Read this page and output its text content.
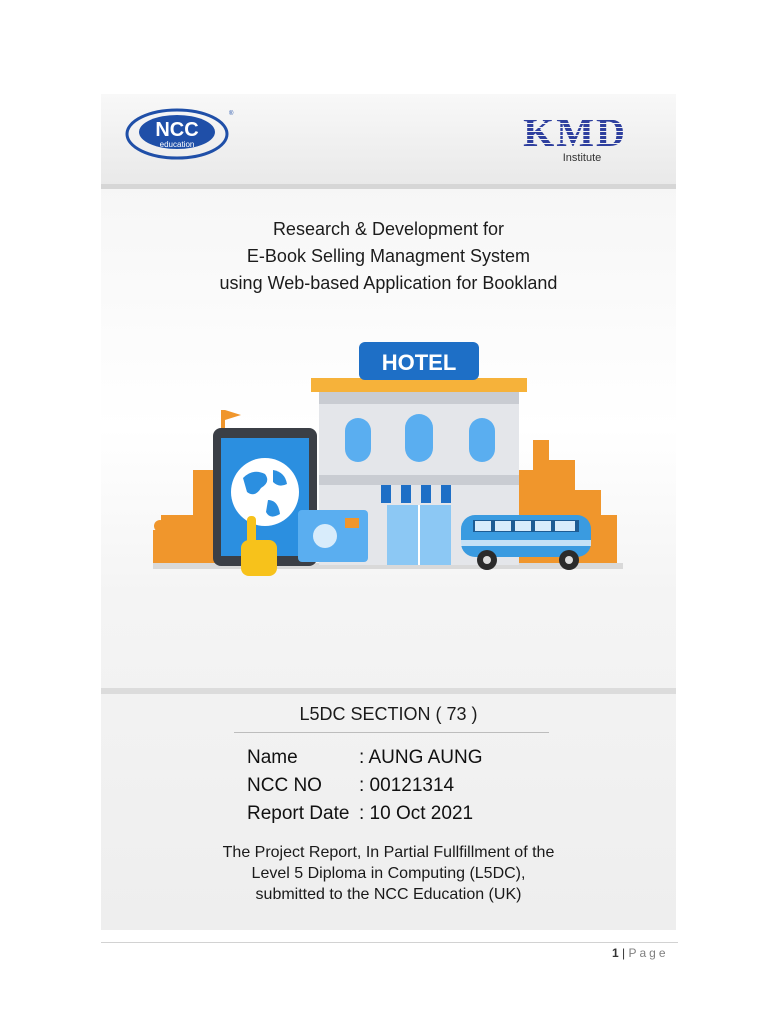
NCC
education
®	KMD
Institute
Research & Development for
E-Book Selling Managment System
using Web-based Application for Bookland
HOTEL
L5DC SECTION ( 73 )
Name	: AUNG AUNG
NCC NO	: 00121314
Report Date : 10 Oct 2021
The Project Report, In Partial Fullfillment of the
Level 5 Diploma in Computing (L5DC),
submitted to the NCC Education (UK)
1 | Page
